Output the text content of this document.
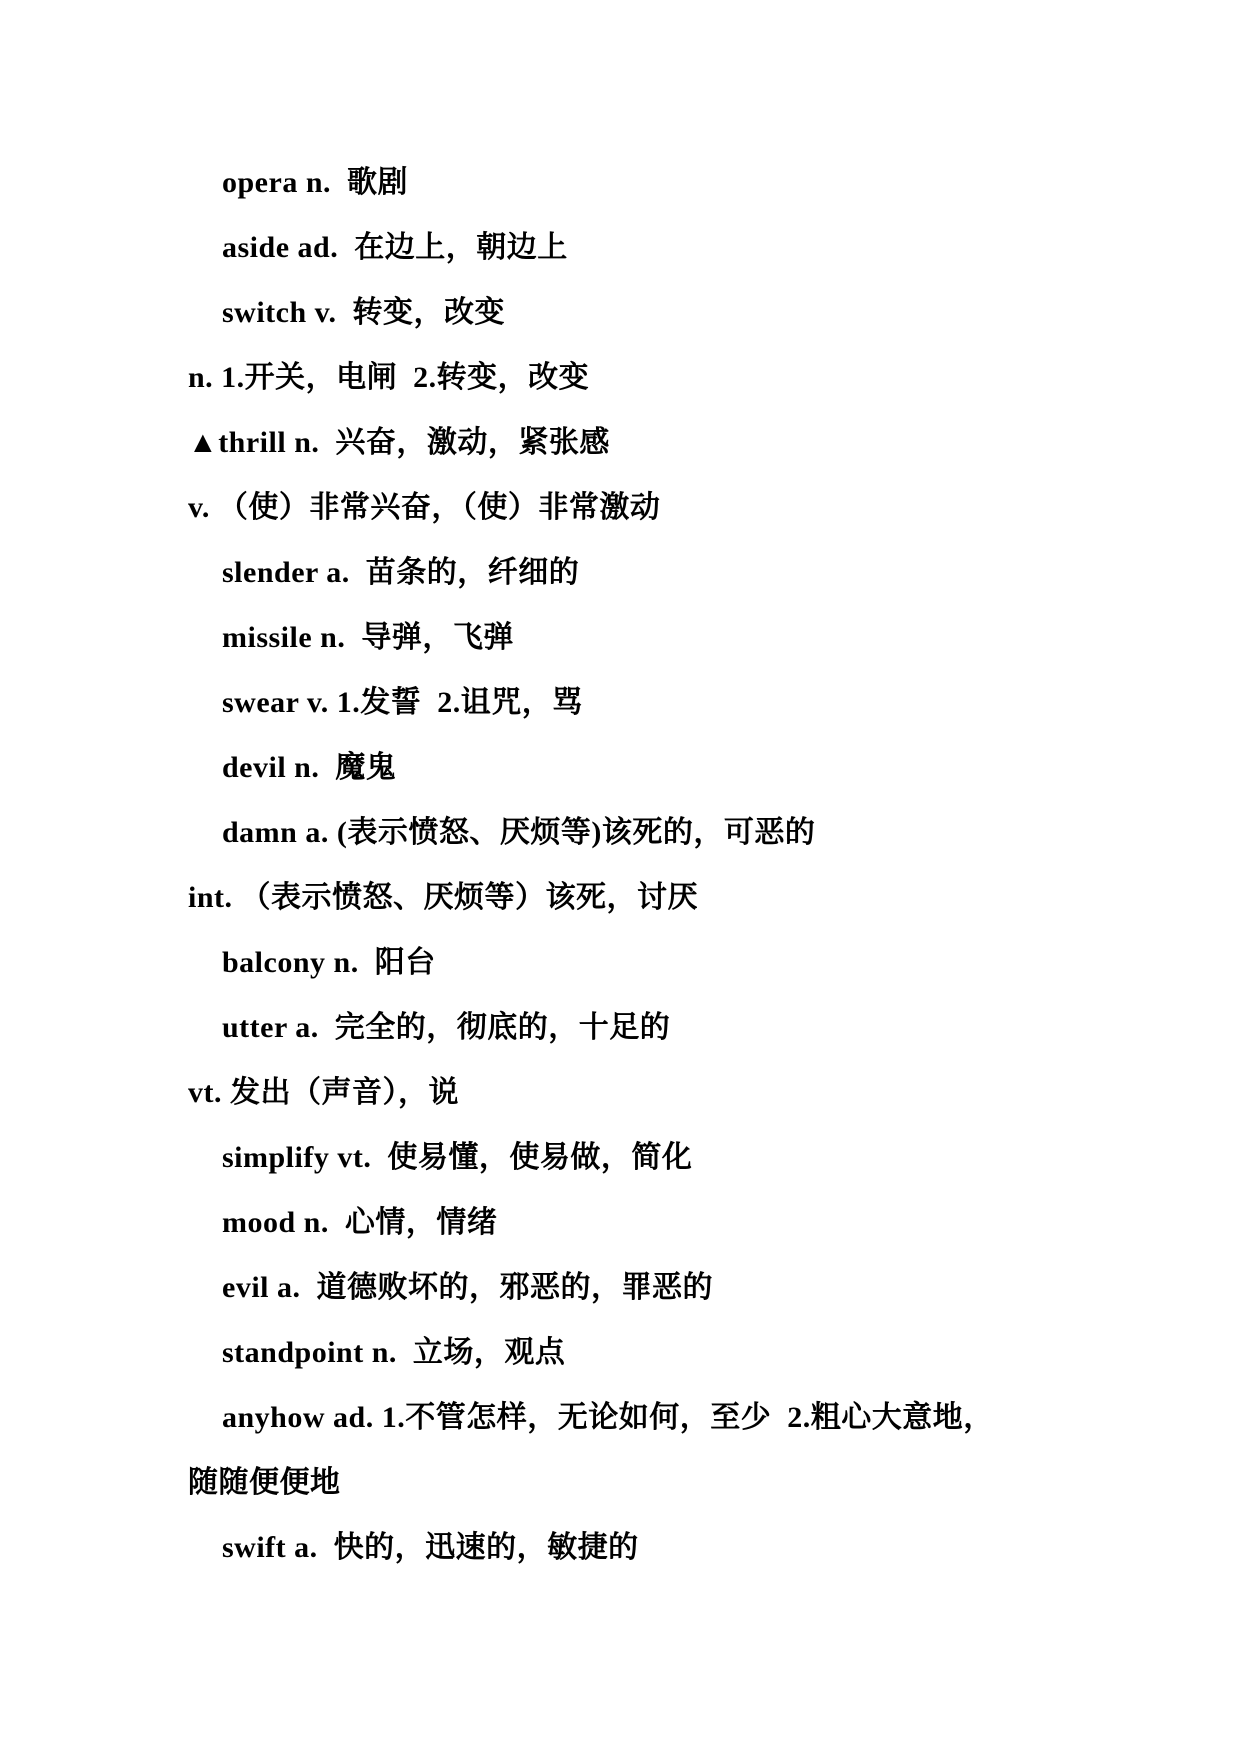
opera n.  歌剧
aside ad.  在边上，朝边上
switch v.  转变，改变
n. 1.开关，电闸  2.转变，改变
▲thrill n.  兴奋，激动，紧张感
v. （使）非常兴奋，（使）非常激动
slender a.  苗条的，纤细的
missile n.  导弹，飞弹
swear v. 1.发誓  2.诅咒，骂
devil n.  魔鬼
damn a. (表示愤怒、厌烦等)该死的，可恶的
int. （表示愤怒、厌烦等）该死，讨厌
balcony n.  阳台
utter a.  完全的，彻底的，十足的
vt. 发出（声音），说
simplify vt.  使易懂，使易做，简化
mood n.  心情，情绪
evil a.  道德败坏的，邪恶的，罪恶的
standpoint n.  立场，观点
anyhow ad. 1.不管怎样，无论如何，至少  2.粗心大意地，
随随便便地
swift a.  快的，迅速的，敏捷的
